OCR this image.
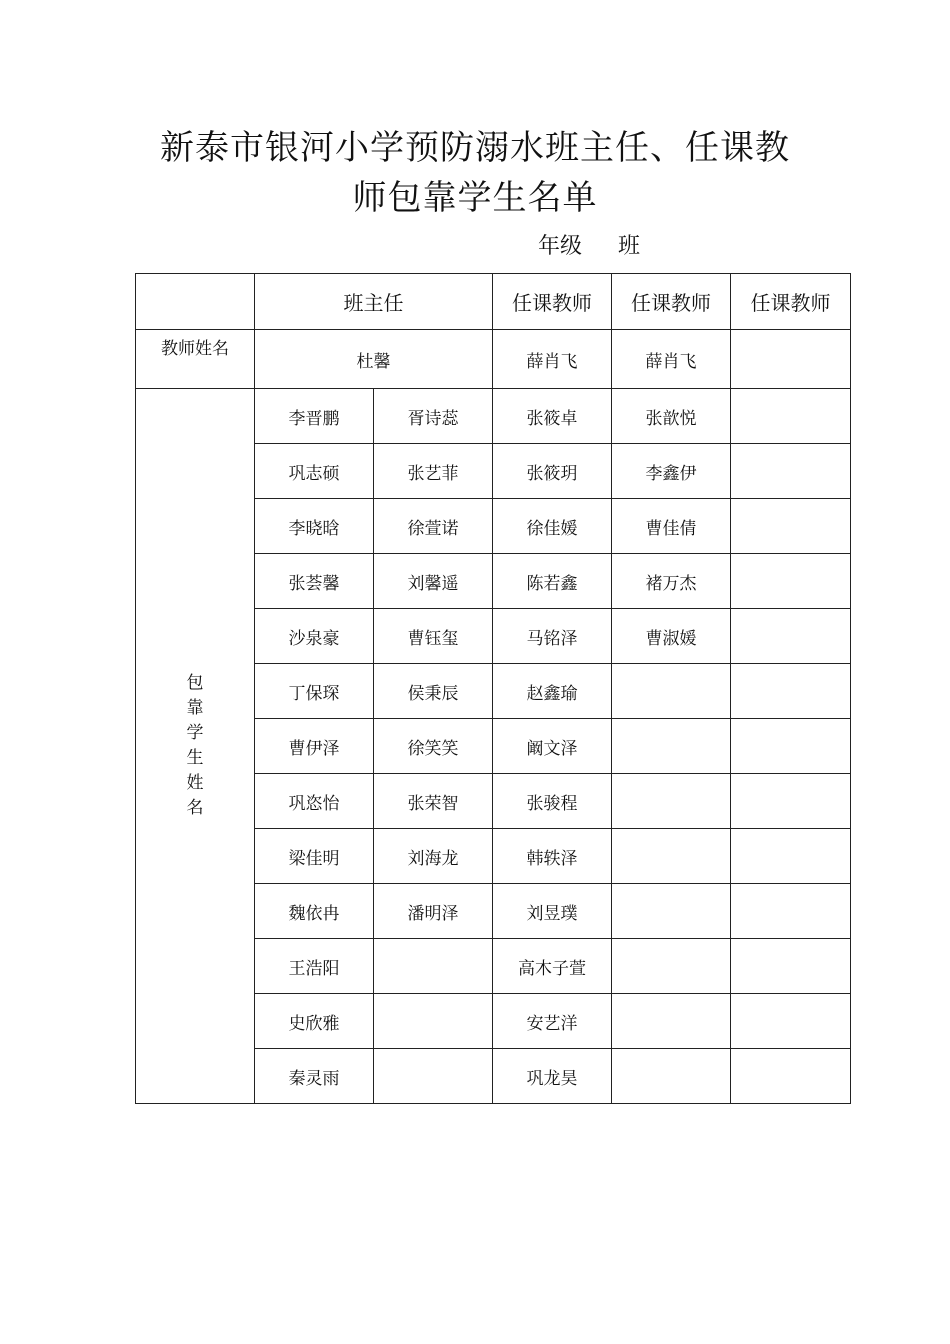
新泰市银河小学预防溺水班主任、任课教
师包靠学生名单
年级 班
	班主任		任课教师	任课教师	任课教师
教师姓名	杜馨		薛肖飞	薛肖飞	
包靠学生姓名	李晋鹏	胥诗蕊	张筱卓	张歆悦	
	巩志硕	张艺菲	张筱玥	李鑫伊	
	李晓晗	徐萱诺	徐佳媛	曹佳倩	
	张荟馨	刘馨遥	陈若鑫	褚万杰	
	沙泉豪	曹钰玺	马铭泽	曹淑媛	
	丁保琛	侯秉辰	赵鑫瑜		
	曹伊泽	徐笑笑	阚文泽		
	巩恣怡	张荣智	张骏程		
	梁佳明	刘海龙	韩轶泽		
	魏依冉	潘明泽	刘昱璞		
	王浩阳		高木子萱		
	史欣雅		安艺洋		
	秦灵雨		巩龙昊		
